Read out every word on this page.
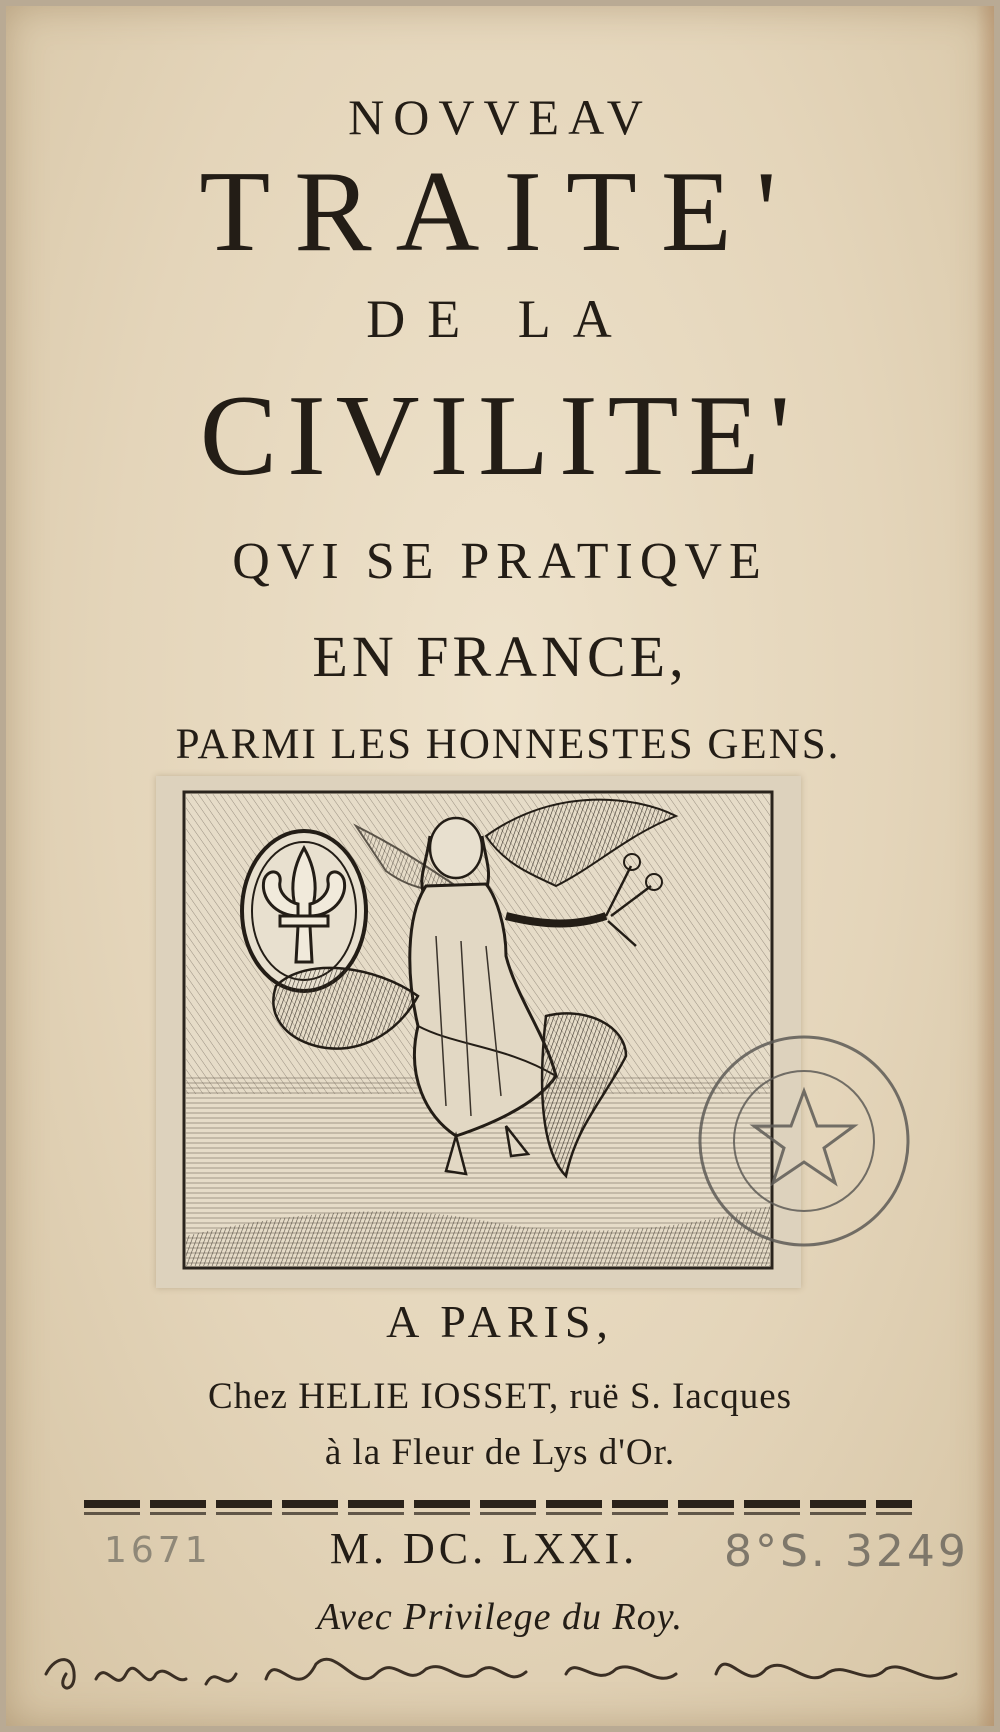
NOVVEAV
TRAITE'
DE LA
CIVILITE'
QVI SE PRATIQVE
EN FRANCE,
PARMI LES HONNESTES GENS.
A PARIS,
Chez HELIE IOSSET, ruë S. Iacques
à la Fleur de Lys d'Or.
1671	M. DC. LXXI.	8°S. 3249
Avec Privilege du Roy.
